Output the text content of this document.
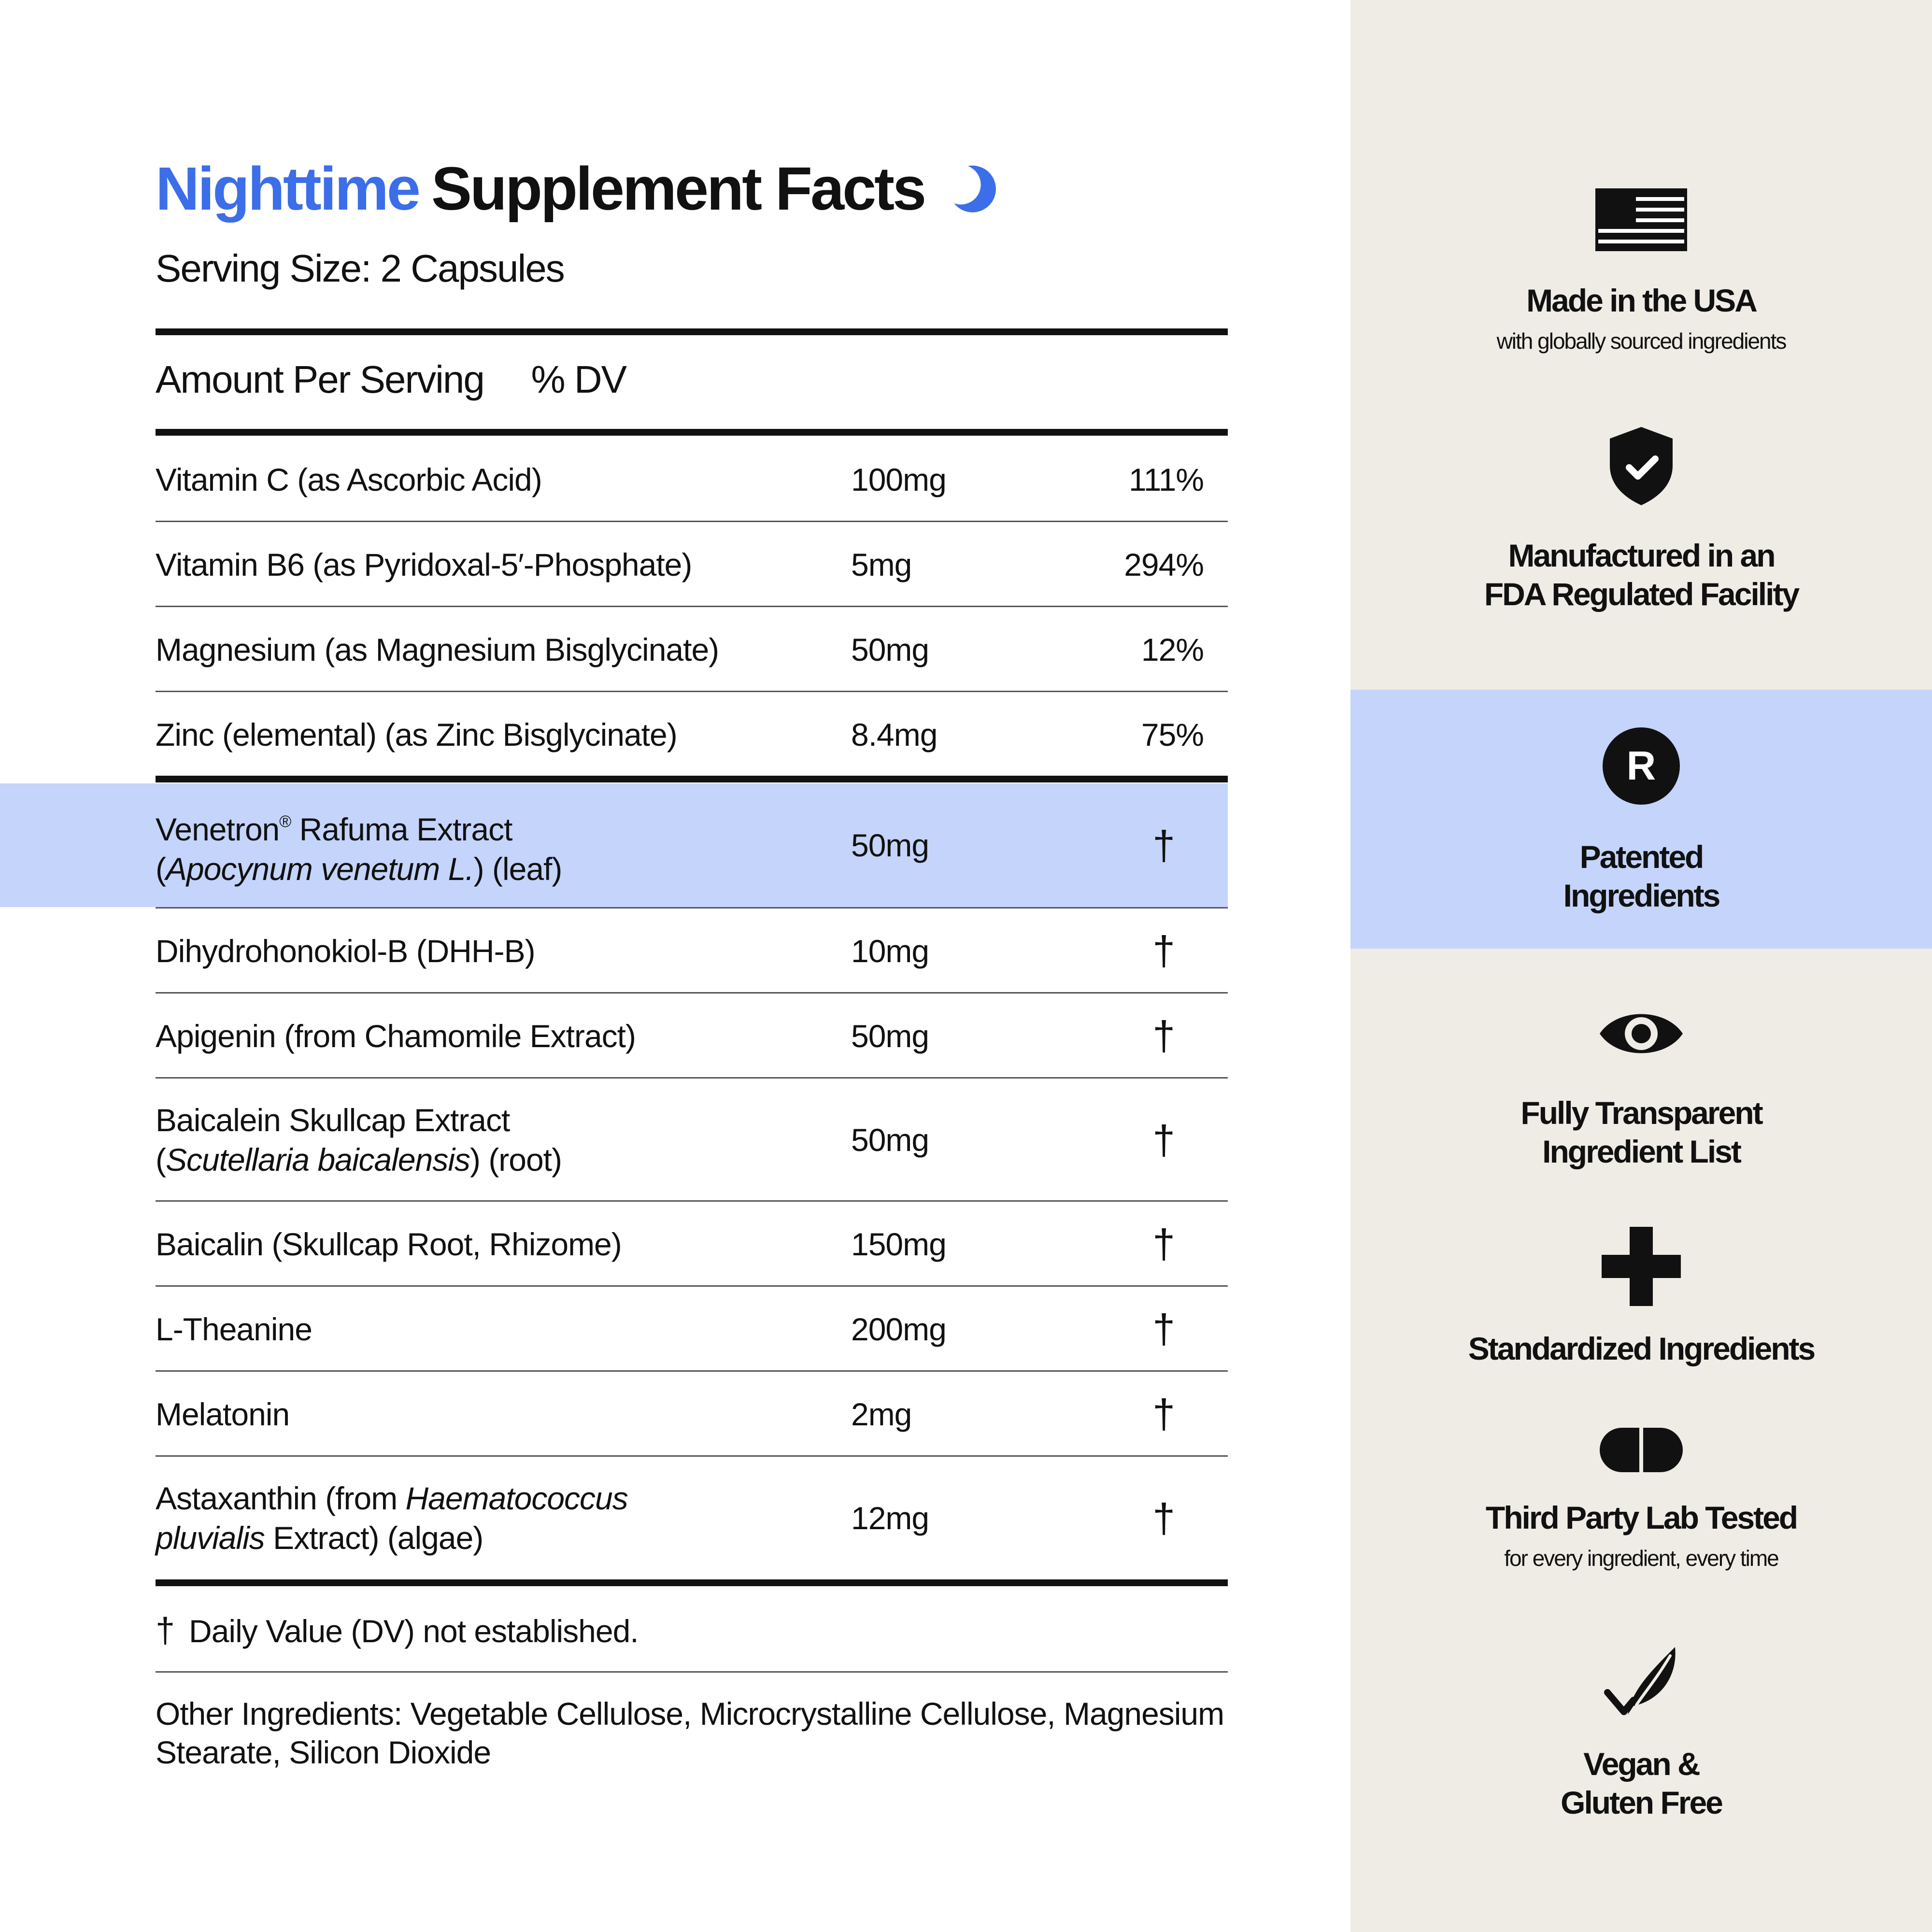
Nighttime Supplement Facts
Serving Size: 2 Capsules
Amount Per Serving % DV
Vitamin C (as Ascorbic Acid)	100mg	111%
Vitamin B6 (as Pyridoxal-5′-Phosphate)	5mg	294%
Magnesium (as Magnesium Bisglycinate)	50mg	12%
Zinc (elemental) (as Zinc Bisglycinate)	8.4mg	75%
Venetron® Rafuma Extract
(Apocynum venetum L.) (leaf)
50mg	†
Dihydrohonokiol-B (DHH-B)	10mg	†
Apigenin (from Chamomile Extract)	50mg	†
Baicalein Skullcap Extract
(Scutellaria baicalensis) (root)
50mg	†
Baicalin (Skullcap Root, Rhizome)	150mg	†
L-Theanine	200mg	†
Melatonin	2mg	†
Astaxanthin (from Haematococcus
pluvialis Extract) (algae)
12mg	†
† Daily Value (DV) not established.
Other Ingredients: Vegetable Cellulose, Microcrystalline Cellulose, Magnesium Stearate, Silicon Dioxide
Made in the USA
with globally sourced ingredients
Manufactured in an
FDA Regulated Facility
R
Patented
Ingredients
Fully Transparent
Ingredient List
Standardized Ingredients
Third Party Lab Tested
for every ingredient, every time
Vegan &
Gluten Free
